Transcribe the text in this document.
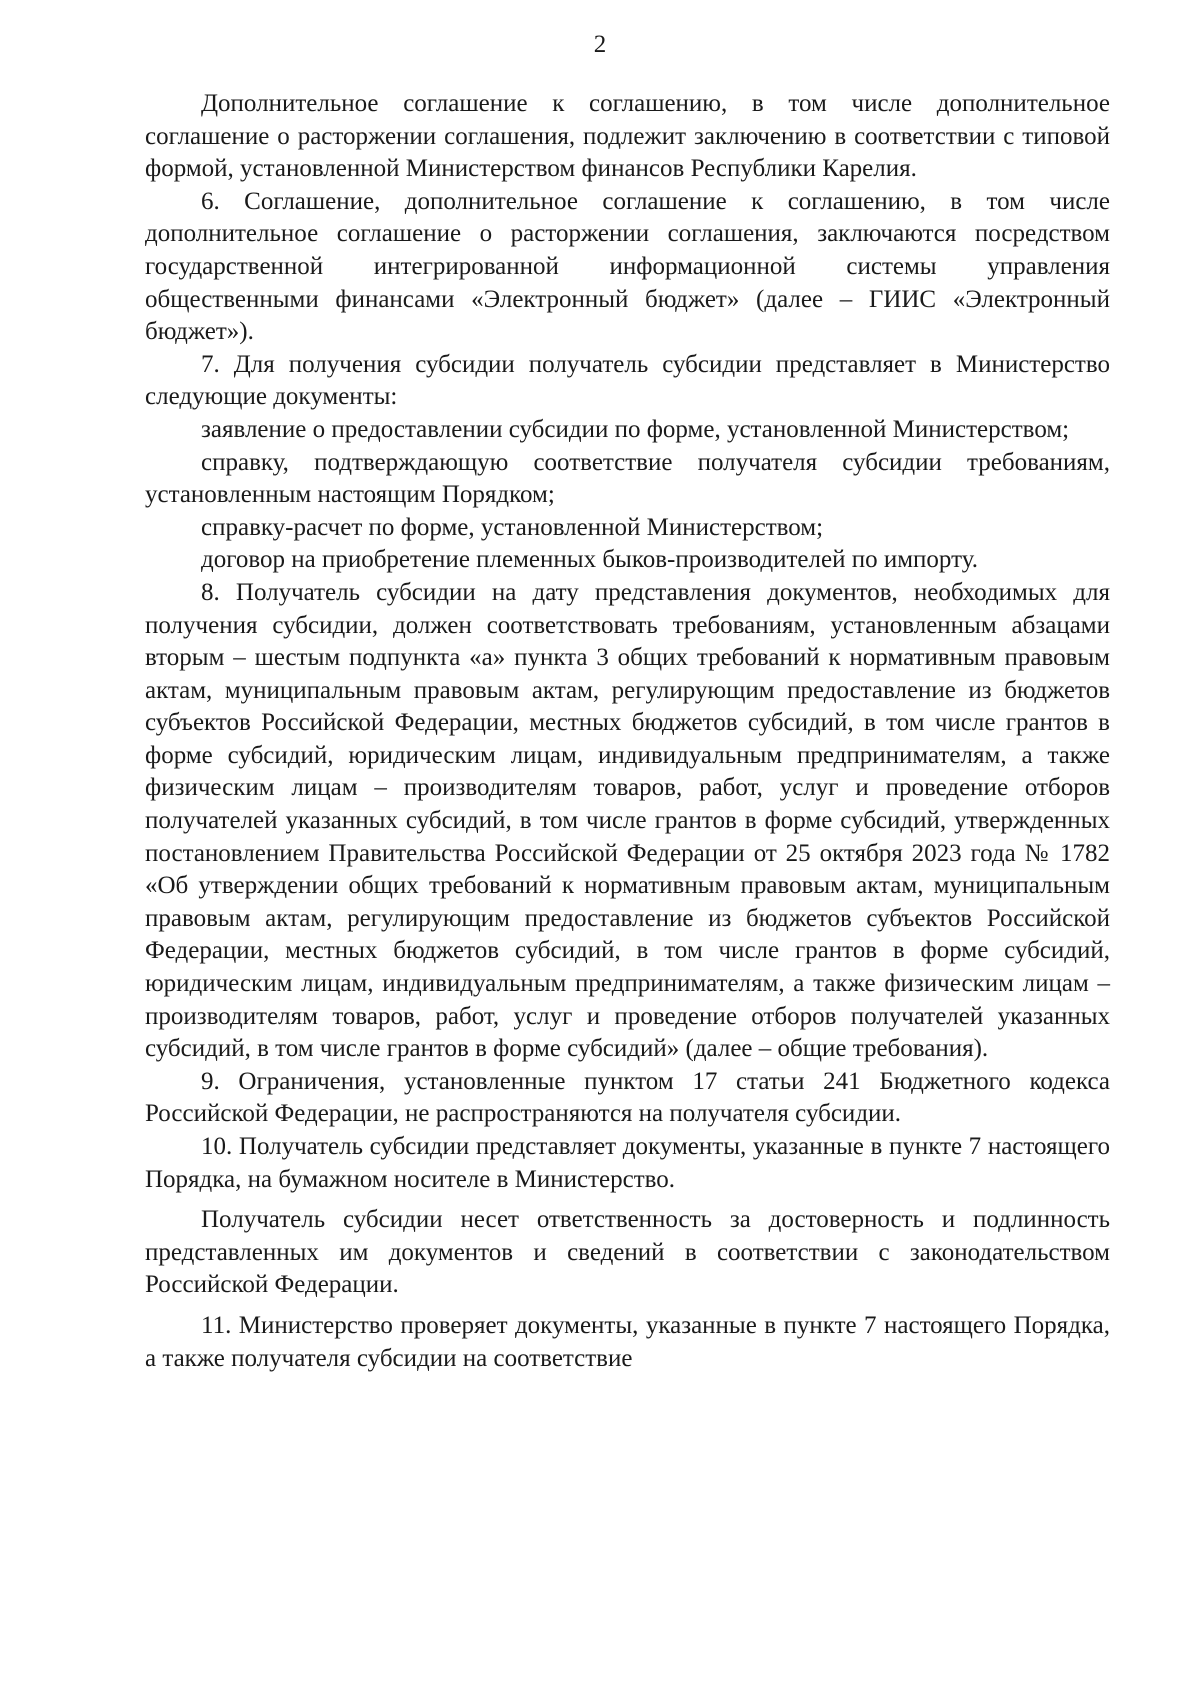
2

Дополнительное соглашение к соглашению, в том числе дополнительное соглашение о расторжении соглашения, подлежит заключению в соответствии с типовой формой, установленной Министерством финансов Республики Карелия.

6. Соглашение, дополнительное соглашение к соглашению, в том числе дополнительное соглашение о расторжении соглашения, заключаются посредством государственной интегрированной информационной системы управления общественными финансами «Электронный бюджет» (далее – ГИИС «Электронный бюджет»).

7. Для получения субсидии получатель субсидии представляет в Министерство следующие документы:

заявление о предоставлении субсидии по форме, установленной Министерством;

справку, подтверждающую соответствие получателя субсидии требованиям, установленным настоящим Порядком;

справку-расчет по форме, установленной Министерством;

договор на приобретение племенных быков-производителей по импорту.

8. Получатель субсидии на дату представления документов, необходимых для получения субсидии, должен соответствовать требованиям, установленным абзацами вторым – шестым подпункта «а» пункта 3 общих требований к нормативным правовым актам, муниципальным правовым актам, регулирующим предоставление из бюджетов субъектов Российской Федерации, местных бюджетов субсидий, в том числе грантов в форме субсидий, юридическим лицам, индивидуальным предпринимателям, а также физическим лицам – производителям товаров, работ, услуг и проведение отборов получателей указанных субсидий, в том числе грантов в форме субсидий, утвержденных постановлением Правительства Российской Федерации от 25 октября 2023 года № 1782 «Об утверждении общих требований к нормативным правовым актам, муниципальным правовым актам, регулирующим предоставление из бюджетов субъектов Российской Федерации, местных бюджетов субсидий, в том числе грантов в форме субсидий, юридическим лицам, индивидуальным предпринимателям, а также физическим лицам – производителям товаров, работ, услуг и проведение отборов получателей указанных субсидий, в том числе грантов в форме субсидий» (далее – общие требования).

9. Ограничения, установленные пунктом 17 статьи 241 Бюджетного кодекса Российской Федерации, не распространяются на получателя субсидии.

10. Получатель субсидии представляет документы, указанные в пункте 7 настоящего Порядка, на бумажном носителе в Министерство.

Получатель субсидии несет ответственность за достоверность и подлинность представленных им документов и сведений в соответствии с законодательством Российской Федерации.

11. Министерство проверяет документы, указанные в пункте 7 настоящего Порядка, а также получателя субсидии на соответствие
